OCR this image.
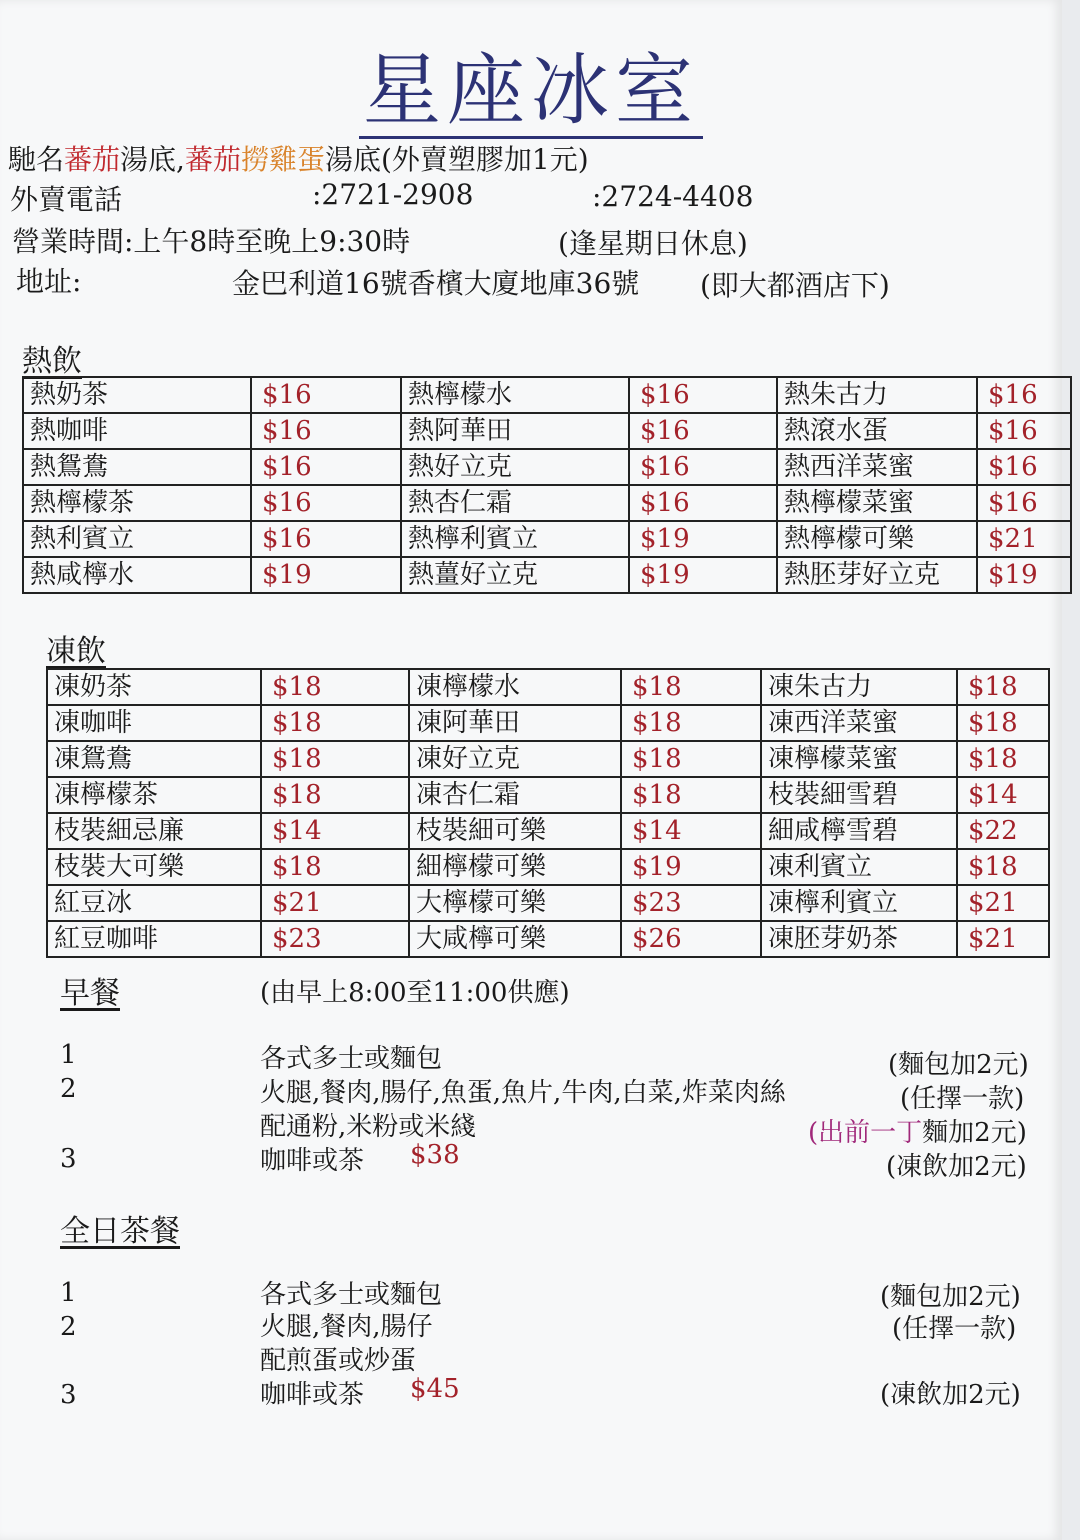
星座冰室
馳名蕃茄湯底,蕃茄撈雞蛋湯底(外賣塑膠加1元)
外賣電話	:2721-2908	:2724-4408
營業時間:上午8時至晚上9:30時	(逢星期日休息)
地址:	金巴利道16號香檳大廈地庫36號 (即大都酒店下)
熱飲
熱奶茶	$16	熱檸檬水	$16	熱朱古力	$16
熱咖啡	$16	熱阿華田	$16	熱滾水蛋	$16
熱鴛鴦	$16	熱好立克	$16	熱西洋菜蜜	$16
熱檸檬茶	$16	熱杏仁霜	$16	熱檸檬菜蜜	$16
熱利賓立	$16	熱檸利賓立	$19	熱檸檬可樂	$21
熱咸檸水	$19	熱薑好立克	$19	熱胚芽好立克	$19
凍飲
凍奶茶	$18	凍檸檬水	$18	凍朱古力	$18
凍咖啡	$18	凍阿華田	$18	凍西洋菜蜜	$18
凍鴛鴦	$18	凍好立克	$18	凍檸檬菜蜜	$18
凍檸檬茶	$18	凍杏仁霜	$18	枝裝細雪碧	$14
枝裝細忌廉	$14	枝裝細可樂	$14	細咸檸雪碧	$22
枝裝大可樂	$18	細檸檬可樂	$19	凍利賓立	$18
紅豆冰	$21	大檸檬可樂	$23	凍檸利賓立	$21
紅豆咖啡	$23	大咸檸可樂	$26	凍胚芽奶茶	$21
早餐	(由早上8:00至11:00供應)
1	各式多士或麵包	(麵包加2元)
2	火腿,餐肉,腸仔,魚蛋,魚片,牛肉,白菜,炸菜肉絲	(任擇一款)
配通粉,米粉或米綫	(出前一丁麵加2元)
3	咖啡或茶 $38	(凍飲加2元)
全日茶餐
1	各式多士或麵包	(麵包加2元)
2	火腿,餐肉,腸仔	(任擇一款)
配煎蛋或炒蛋
3	咖啡或茶 $45	(凍飲加2元)
